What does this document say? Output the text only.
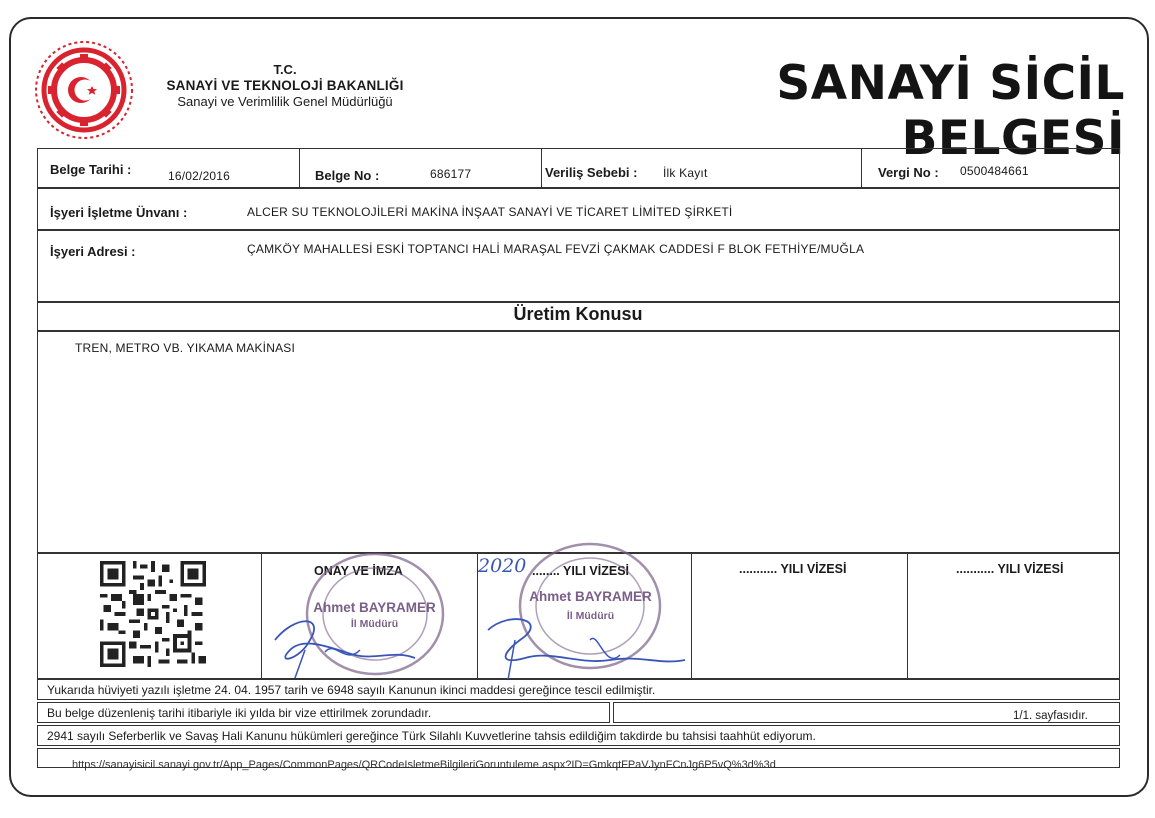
T.C.
SANAYİ VE TEKNOLOJİ BAKANLIĞI
Sanayi ve Verimlilik Genel Müdürlüğü	SANAYİ SİCİL BELGESİ
Belge Tarihi :	16/02/2016	Belge No :	686177	Veriliş Sebebi : İlk Kayıt	Vergi No : 0500484661
İşyeri İşletme Ünvanı :	ALCER SU TEKNOLOJİLERİ MAKİNA İNŞAAT SANAYİ VE TİCARET LİMİTED ŞİRKETİ
İşyeri Adresi :	ÇAMKÖY MAHALLESİ ESKİ TOPTANCI HALİ MARAŞAL FEVZİ ÇAKMAK CADDESİ F BLOK FETHİYE/MUĞLA
Üretim Konusu
TREN, METRO VB. YIKAMA MAKİNASI
ONAY VE İMZA	2020 ........ YILI VİZESİ	........... YILI VİZESİ	........... YILI VİZESİ
Ahmet BAYRAMER
İl Müdürü
Ahmet BAYRAMER
İl Müdürü
Yukarıda hüviyeti yazılı işletme 24. 04. 1957 tarih ve 6948 sayılı Kanunun ikinci maddesi gereğince tescil edilmiştir.
Bu belge düzenleniş tarihi itibariyle iki yılda bir vize ettirilmek zorundadır.	1/1. sayfasıdır.
2941 sayılı Seferberlik ve Savaş Hali Kanunu hükümleri gereğince Türk Silahlı Kuvvetlerine tahsis edildiğim takdirde bu tahsisi taahhüt ediyorum.
https://sanayisicil.sanayi.gov.tr/App_Pages/CommonPages/QRCodeIsletmeBilgileriGoruntuleme.aspx?ID=GmkqtFPaVJynFCnJg6P5vQ%3d%3d
